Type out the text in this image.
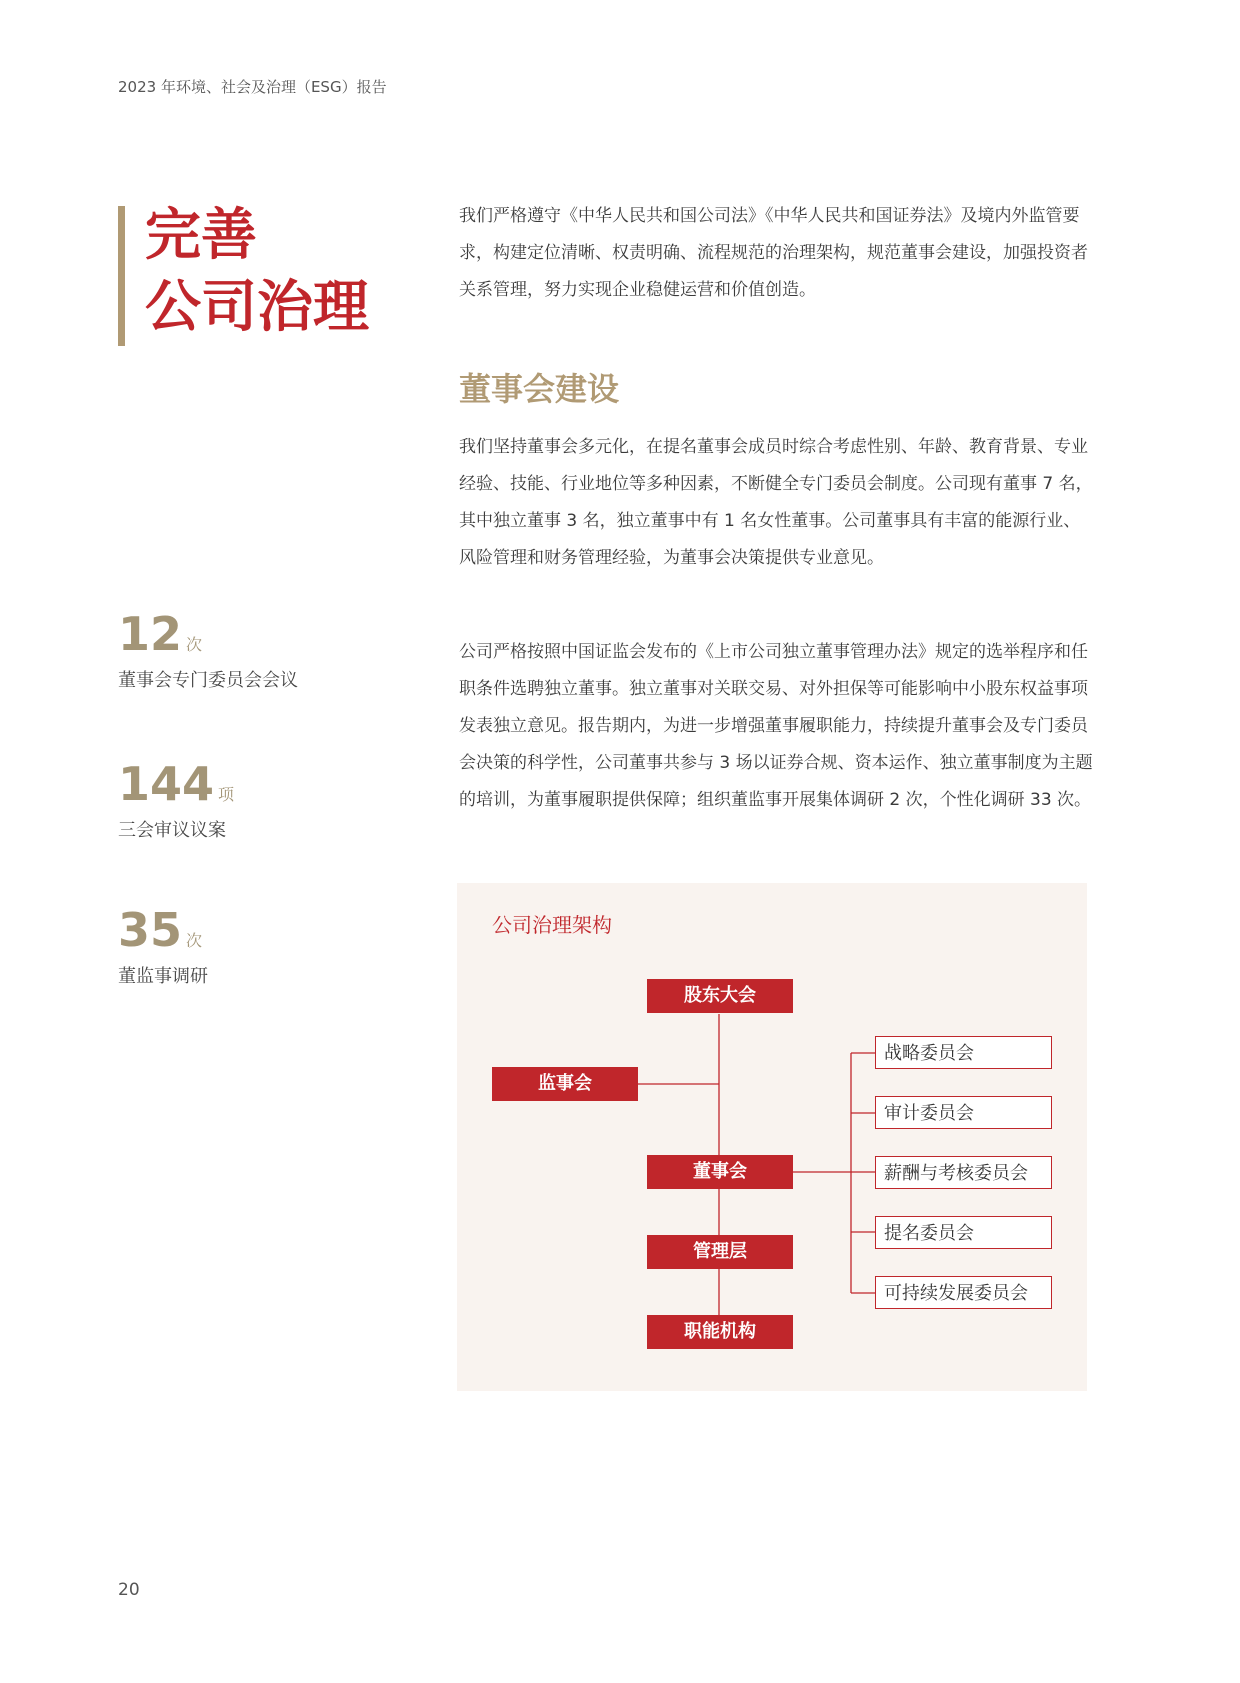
2023 年环境、社会及治理（ESG）报告
完善
公司治理
我们严格遵守《中华人民共和国公司法》《中华人民共和国证券法》及境内外监管要求，构建定位清晰、权责明确、流程规范的治理架构，规范董事会建设，加强投资者关系管理，努力实现企业稳健运营和价值创造。
董事会建设
我们坚持董事会多元化，在提名董事会成员时综合考虑性别、年龄、教育背景、专业经验、技能、行业地位等多种因素，不断健全专门委员会制度。公司现有董事 7 名，其中独立董事 3 名，独立董事中有 1 名女性董事。公司董事具有丰富的能源行业、风险管理和财务管理经验，为董事会决策提供专业意见。
公司严格按照中国证监会发布的《上市公司独立董事管理办法》规定的选举程序和任职条件选聘独立董事。独立董事对关联交易、对外担保等可能影响中小股东权益事项发表独立意见。报告期内，为进一步增强董事履职能力，持续提升董事会及专门委员会决策的科学性，公司董事共参与 3 场以证券合规、资本运作、独立董事制度为主题的培训，为董事履职提供保障；组织董监事开展集体调研 2 次，个性化调研 33 次。
12 次
董事会专门委员会会议
144 项
三会审议议案
35 次
董监事调研
公司治理架构
股东大会
监事会
董事会
管理层
职能机构
战略委员会
审计委员会
薪酬与考核委员会
提名委员会
可持续发展委员会
20
